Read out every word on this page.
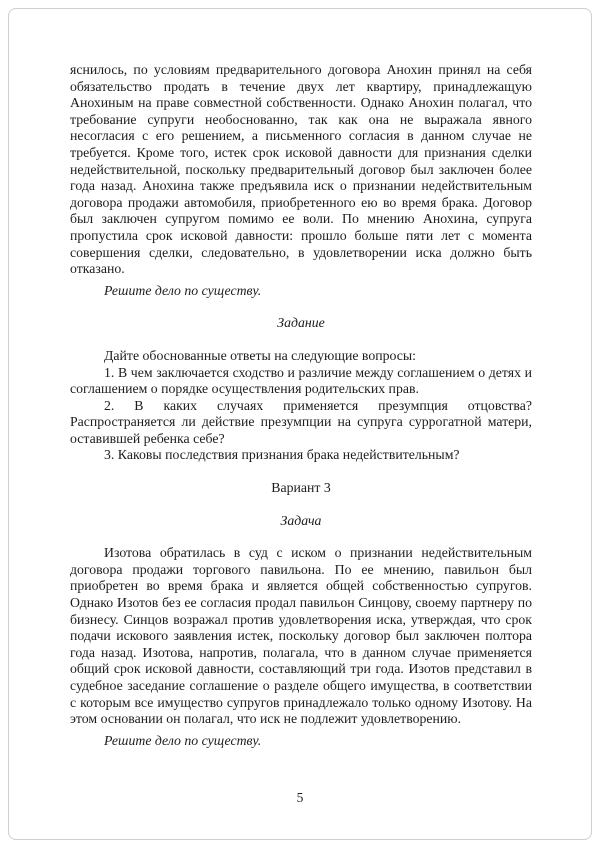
яснилось, по условиям предварительного договора Анохин принял на себя обязательство продать в течение двух лет квартиру, принадлежащую Анохиным на праве совместной собственности. Однако Анохин полагал, что требование супруги необоснованно, так как она не выражала явного несогласия с его решением, а письменного согласия в данном случае не требуется. Кроме того, истек срок исковой давности для признания сделки недействительной, поскольку предварительный договор был заключен более года назад. Анохина также предъявила иск о признании недействительным договора продажи автомобиля, приобретенного ею во время брака. Договор был заключен супругом помимо ее воли. По мнению Анохина, супруга пропустила срок исковой давности: прошло больше пяти лет с момента совершения сделки, следовательно, в удовлетворении иска должно быть отказано.

Решите дело по существу.

Задание

Дайте обоснованные ответы на следующие вопросы:

1. В чем заключается сходство и различие между соглашением о детях и соглашением о порядке осуществления родительских прав.

2. В каких случаях применяется презумпция отцовства? Распространяется ли действие презумпции на супруга суррогатной матери, оставившей ребенка себе?

3. Каковы последствия признания брака недействительным?

Вариант 3
Задача

Изотова обратилась в суд с иском о признании недействительным договора продажи торгового павильона. По ее мнению, павильон был приобретен во время брака и является общей собственностью супругов. Однако Изотов без ее согласия продал павильон Синцову, своему партнеру по бизнесу. Синцов возражал против удовлетворения иска, утверждая, что срок подачи искового заявления истек, поскольку договор был заключен полтора года назад. Изотова, напротив, полагала, что в данном случае применяется общий срок исковой давности, составляющий три года. Изотов представил в судебное заседание соглашение о разделе общего имущества, в соответствии с которым все имущество супругов принадлежало только одному Изотову. На этом основании он полагал, что иск не подлежит удовлетворению.

Решите дело по существу.

5
